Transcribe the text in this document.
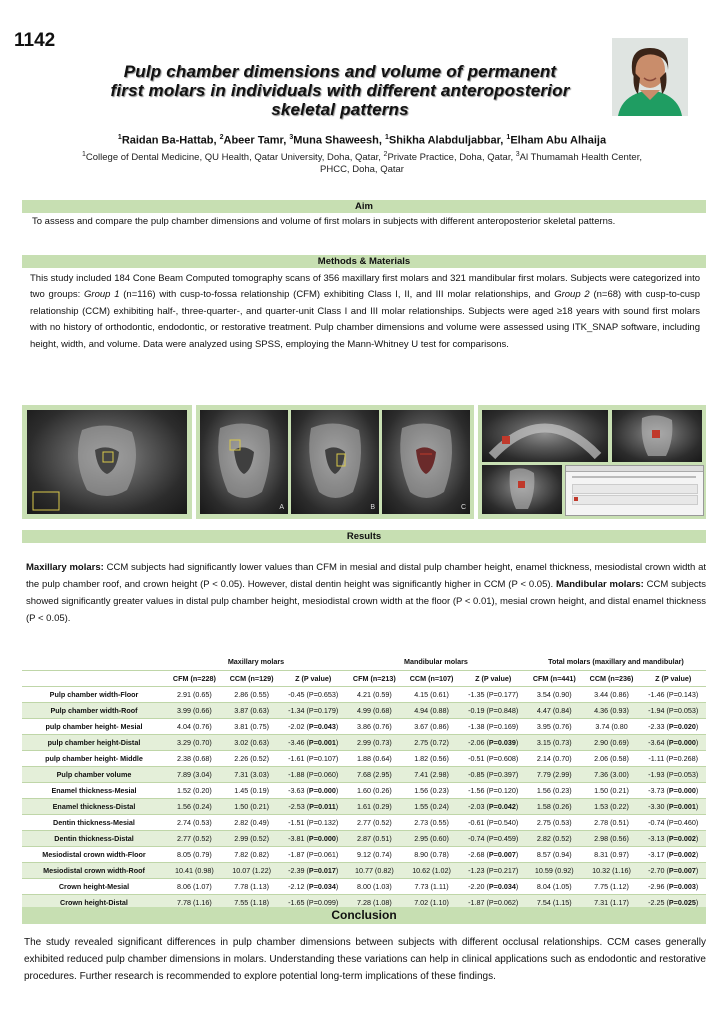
1142
Pulp chamber dimensions and volume of permanent
first molars in individuals with different anteroposterior
skeletal patterns
$^1$Raidan Ba-Hattab, $^2$Abeer Tamr, $^3$Muna Shaweesh, $^1$Shikha Alabduljabbar, $^1$Elham Abu Alhaija
$^1$College of Dental Medicine, QU Health, Qatar University, Doha, Qatar, $^2$Private Practice, Doha, Qatar, $^3$Al Thumamah Health Center, PHCC, Doha, Qatar
Aim
To assess and compare the pulp chamber dimensions and volume of first molars in subjects with different anteroposterior skeletal patterns.
Methods & Materials
This study included 184 Cone Beam Computed tomography scans of 356 maxillary first molars and 321 mandibular first molars. Subjects were categorized into two groups: Group 1 (n=116) with cusp-to-fossa relationship (CFM) exhibiting Class I, II, and III molar relationships, and Group 2 (n=68) with cusp-to-cusp relationship (CCM) exhibiting half-, three-quarter-, and quarter-unit Class I and III molar relationships. Subjects were aged ≥18 years with sound first molars with no history of orthodontic, endodontic, or restorative treatment. Pulp chamber dimensions and volume were assessed using ITK_SNAP software, including height, width, and volume. Data were analyzed using SPSS, employing the Mann-Whitney U test for comparisons.
A	B	C
Results
Maxillary molars: CCM subjects had significantly lower values than CFM in mesial and distal pulp chamber height, enamel thickness, mesiodistal crown width at the pulp chamber roof, and crown height (P < 0.05). However, distal dentin height was significantly higher in CCM (P < 0.05). Mandibular molars: CCM subjects showed significantly greater values in distal pulp chamber height, mesiodistal crown width at the floor (P < 0.01), mesial crown height, and distal enamel thickness (P < 0.05).
	Maxillary molars			Mandibular molars			Total molars (maxillary and mandibular)		
	CFM (n=228)	CCM (n=129)	Z (P value)	CFM (n=213)	CCM (n=107)	Z (P value)	CFM (n=441)	CCM (n=236)	Z (P value)
Pulp chamber width-Floor	2.91 (0.65)	2.86 (0.55)	-0.45 (P=0.653)	4.21 (0.59)	4.15 (0.61)	-1.35 (P=0.177)	3.54 (0.90)	3.44 (0.86)	-1.46 (P=0.143)
Pulp chamber width-Roof	3.99 (0.66)	3.87 (0.63)	-1.34 (P=0.179)	4.99 (0.68)	4.94 (0.88)	-0.19 (P=0.848)	4.47 (0.84)	4.36 (0.93)	-1.94 (P=0.053)
pulp chamber height- Mesial	4.04 (0.76)	3.81 (0.75)	-2.02 (P=0.043)	3.86 (0.76)	3.67 (0.86)	-1.38 (P=0.169)	3.95 (0.76)	3.74 (0.80	-2.33 (P=0.020)
pulp chamber height-Distal	3.29 (0.70)	3.02 (0.63)	-3.46 (P=0.001)	2.99 (0.73)	2.75 (0.72)	-2.06 (P=0.039)	3.15 (0.73)	2.90 (0.69)	-3.64 (P=0.000)
pulp chamber height- Middle	2.38 (0.68)	2.26 (0.52)	-1.61 (P=0.107)	1.88 (0.64)	1.82 (0.56)	-0.51 (P=0.608)	2.14 (0.70)	2.06 (0.58)	-1.11 (P=0.268)
Pulp chamber volume	7.89 (3.04)	7.31 (3.03)	-1.88 (P=0.060)	7.68 (2.95)	7.41 (2.98)	-0.85 (P=0.397)	7.79 (2.99)	7.36 (3.00)	-1.93 (P=0.053)
Enamel thickness-Mesial	1.52 (0.20)	1.45 (0.19)	-3.63 (P=0.000)	1.60 (0.26)	1.56 (0.23)	-1.56 (P=0.120)	1.56 (0.23)	1.50 (0.21)	-3.73 (P=0.000)
Enamel thickness-Distal	1.56 (0.24)	1.50 (0.21)	-2.53 (P=0.011)	1.61 (0.29)	1.55 (0.24)	-2.03 (P=0.042)	1.58 (0.26)	1.53 (0.22)	-3.30 (P=0.001)
Dentin thickness-Mesial	2.74 (0.53)	2.82 (0.49)	-1.51 (P=0.132)	2.77 (0.52)	2.73 (0.55)	-0.61 (P=0.540)	2.75 (0.53)	2.78 (0.51)	-0.74 (P=0.460)
Dentin thickness-Distal	2.77 (0.52)	2.99 (0.52)	-3.81 (P=0.000)	2.87 (0.51)	2.95 (0.60)	-0.74 (P=0.459)	2.82 (0.52)	2.98 (0.56)	-3.13 (P=0.002)
Mesiodistal crown width-Floor	8.05 (0.79)	7.82 (0.82)	-1.87 (P=0.061)	9.12 (0.74)	8.90 (0.78)	-2.68 (P=0.007)	8.57 (0.94)	8.31 (0.97)	-3.17 (P=0.002)
Mesiodistal crown width-Roof	10.41 (0.98)	10.07 (1.22)	-2.39 (P=0.017)	10.77 (0.82)	10.62 (1.02)	-1.23 (P=0.217)	10.59 (0.92)	10.32 (1.16)	-2.70 (P=0.007)
Crown height-Mesial	8.06 (1.07)	7.78 (1.13)	-2.12 (P=0.034)	8.00 (1.03)	7.73 (1.11)	-2.20 (P=0.034)	8.04 (1.05)	7.75 (1.12)	-2.96 (P=0.003)
Crown height-Distal	7.78 (1.16)	7.55 (1.18)	-1.65 (P=0.099)	7.28 (1.08)	7.02 (1.10)	-1.87 (P=0.062)	7.54 (1.15)	7.31 (1.17)	-2.25 (P=0.025)
Conclusion
The study revealed significant differences in pulp chamber dimensions between subjects with different occlusal relationships. CCM cases generally exhibited reduced pulp chamber dimensions in molars. Understanding these variations can help in clinical applications such as endodontic and restorative procedures. Further research is recommended to explore potential long-term implications of these findings.
